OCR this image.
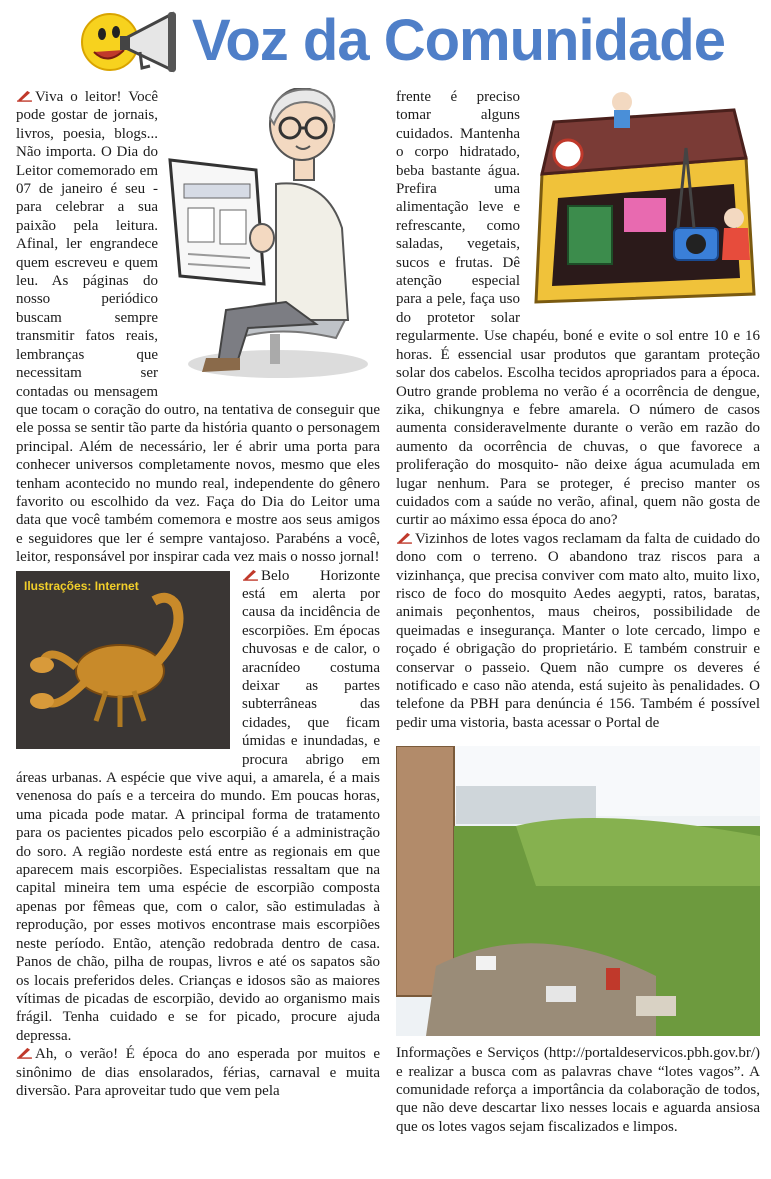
Voz da Comunidade

Viva o leitor! Você pode gostar de jornais, livros, poesia, blogs... Não importa. O Dia do Leitor comemorado em 07 de janeiro é seu - para celebrar a sua paixão pela leitura. Afinal, ler engrandece quem escreveu e quem leu. As páginas do nosso periódico buscam sempre transmitir fatos reais, lembranças que necessitam ser contadas ou mensagem que tocam o coração do outro, na tentativa de conseguir que ele possa se sentir tão parte da história quanto o personagem principal. Além de necessário, ler é abrir uma porta para conhecer universos completamente novos, mesmo que eles tenham acontecido no mundo real, independente do gênero favorito ou escolhido da vez. Faça do Dia do Leitor uma data que você também comemora e mostre aos seus amigos e seguidores que ler é sempre vantajoso. Parabéns a você, leitor, responsável por inspirar cada vez mais o nosso jornal!

Ilustrações: Internet

Belo Horizonte está em alerta por causa da incidência de escorpiões. Em épocas chuvosas e de calor, o aracnídeo costuma deixar as partes subterrâneas das cidades, que ficam úmidas e inundadas, e procura abrigo em áreas urbanas. A espécie que vive aqui, a amarela, é a mais venenosa do país e a terceira do mundo. Em poucas horas, uma picada pode matar. A principal forma de tratamento para os pacientes picados pelo escorpião é a administração do soro. A região nordeste está entre as regionais em que aparecem mais escorpiões. Especialistas ressaltam que na capital mineira tem uma espécie de escorpião composta apenas por fêmeas que, com o calor, são estimuladas à reprodução, por esses motivos encontrase mais escorpiões neste período. Então, atenção redobrada dentro de casa. Panos de chão, pilha de roupas, livros e até os sapatos são os locais preferidos deles. Crianças e idosos são as maiores vítimas de picadas de escorpião, devido ao organismo mais frágil. Tenha cuidado e se for picado, procure ajuda depressa.

Ah, o verão! É época do ano esperada por muitos e sinônimo de dias ensolarados, férias, carnaval e muita diversão. Para aproveitar tudo que vem pela

frente é preciso tomar alguns cuidados. Mantenha o corpo hidratado, beba bastante água. Prefira uma alimentação leve e refrescante, como saladas, vegetais, sucos e frutas. Dê atenção especial para a pele, faça uso do protetor solar regularmente. Use chapéu, boné e evite o sol entre 10 e 16 horas. É essencial usar produtos que garantam proteção solar dos cabelos. Escolha tecidos apropriados para a época. Outro grande problema no verão é a ocorrência de dengue, zika, chikungnya e febre amarela. O número de casos aumenta consideravelmente durante o verão em razão do aumento da ocorrência de chuvas, o que favorece a proliferação do mosquito- não deixe água acumulada em lugar nenhum. Para se proteger, é preciso manter os cuidados com a saúde no verão, afinal, quem não gosta de curtir ao máximo essa época do ano?

Vizinhos de lotes vagos reclamam da falta de cuidado do dono com o terreno. O abandono traz riscos para a vizinhança, que precisa conviver com mato alto, muito lixo, risco de foco do mosquito Aedes aegypti, ratos, baratas, animais peçonhentos, maus cheiros, possibilidade de queimadas e insegurança. Manter o lote cercado, limpo e roçado é obrigação do proprietário. E também construir e conservar o passeio. Quem não cumpre os deveres é notificado e caso não atenda, está sujeito às penalidades. O telefone da PBH para denúncia é 156. Também é possível pedir uma vistoria, basta acessar o Portal de

Informações e Serviços (http://portaldeservicos.pbh.gov.br/) e realizar a busca com as palavras chave “lotes vagos”. A comunidade reforça a importância da colaboração de todos, que não deve descartar lixo nesses locais e aguarda ansiosa que os lotes vagos sejam fiscalizados e limpos.
